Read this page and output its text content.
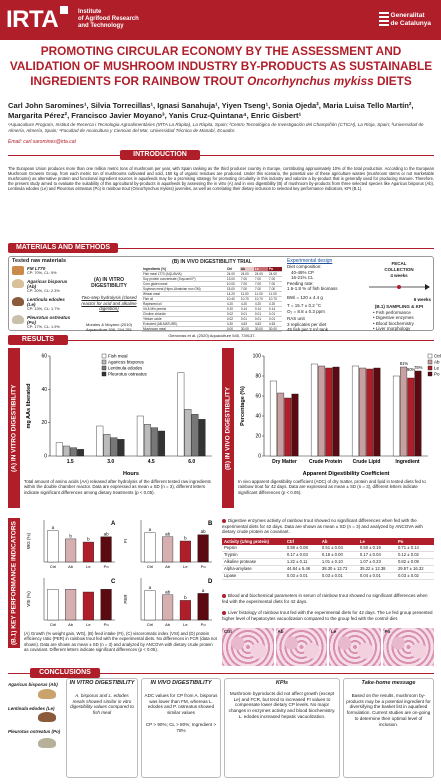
IRTA	Institute
of Agrifood Research
and Technology
Generalitat
de Catalunya
PROMOTING CIRCULAR ECONOMY BY THE ASSESSMENT AND
VALIDATION OF MUSHROOM INDUSTRY BY-PRODUCTS AS SUSTAINABLE
INGREDIENTS FOR RAINBOW TROUT Oncorhynchus mykiss DIETS
Carl John Saromines¹, Silvia Torrecillas¹, Ignasi Sanahuja¹, Yiyen Tseng¹, Sonia Ojeda², Maria Luisa Tello Martín², Margarita Pérez², Francisco Javier Moyano³, Yanis Cruz-Quintana⁴, Enric Gisbert¹
¹Aquaculture Program, Institut de Recerca i Tecnologia Agroalimentàries (IRTA La Ràpita), La Ràpita, Spain; ²Centro Tecnológico de Investigación del Champiñón (CTICH), La Rioja, Spain; ³Universidad de Almería, Almería, Spain; ⁴Facultad de Acuicultura y Ciencias del Mar, Universidad Técnica de Manabí, Ecuador.
Email: carl.saromines@irta.cat
INTRODUCTION
The European Union produces more than one million metric tons of mushroom per year, with Spain ranking as the third producer country in Europe, contributing approximately 10% of the total production. According to the European Mushroom Growers Group, from each metric ton of mushrooms cultivated and sold, 150 kg of organic residues are produced. Under this scenario, the potential use of these agriculture wastes (mushroom stems or not marketable mushrooms) as alternative protein and functional ingredient sources in aquafeeds may be a promising strategy for promoting circularity in this industry and valorize a by-product that is generally used for producing manure. Therefore, the present study aimed to evaluate the suitability of this agricultural by-products in aquafeeds by assessing the in vitro (A) and in vivo digestibility (B) of mushroom by-products from three selected species like Agaricus bisporus (Ab), Lentinula edodes (Le) and Pleurotus ostreatus (Po) in rainbow trout (Oncorhynchus mykiss) juveniles, as well as correlating their dietary inclusion to selected key performance indicators, KPI (B.1).
MATERIALS AND METHODS
Tested raw materials
FM LT70
CP: 70%, CL: 9%
Agaricus bisporus (Ab)
CP: 20%, CL: 2.3%
Lentinula edodes (Le)
CP: 13%, CL: 1.7%
Pleurotus ostreatus (Po)
CP: 17%, CL: 1.9%
(A) IN VITRO DIGESTIBILITY
Two-step hydrolysis (closed reactor for acid and alkaline digestion)
Morales & Moyano (2010) Aquaculture 306, 244-251
(B) IN VIVO DIGESTIBILITY TRIAL
Ingredients (%)	Ctrl	Ab	Le	Po
Fish meal LT70 (AQUAVIA)	24.00	24.00	24.00	24.00
Soy protein concentrate (Soycomil P)	13.00	7.00	7.00	7.00
Corn gluten meal	10.00	7.00	7.00	7.00
Soybean meal (Hipro,Ukrainian non GM)	15.00	7.00	7.00	7.00
Wheat meal	14.20	11.00	11.00	11.00
Fish oil	10.40	10.70	10.70	10.70
Rapeseed oil	4.20	4.20	4.20	4.20
Vit & Min premix	0.20	0.14	0.14	0.14
Choline chloride	0.02	0.01	0.01	0.01
Yttrium oxide	0.02	0.01	0.01	0.01
Extruded (AB-MATURE)	4.20	4.63	4.63	4.63
Mushroom meal	0.00	30.00	30.00	30.00
Glencross et al. (2020) Aquaculture 545, 739137.
Experimental design
Diet composition:
40-48% CP
16-21% CL
Feeding rate:
1.6-1.8 % of fish biomass
BWi = 120 ± 4.4 g
T = 15.7 ± 0.2 °C
O₂ = 8.8 ± 0.3 ppm
RAS unit
3 replicates per diet
45 fish per 2 m³ tank
FECAL
COLLECTION
4 weeks
6 weeks
(B.1) SAMPLING & KPI
• Fish performance
• Digestive enzymes
• Blood biochemistry
• Liver morphology
RESULTS
(A) IN VITRO DIGESTIBILITY	(B) IN VIVO DIGESTIBILITY
0
20
40
60
mg AAs liberated
Hours
1.5	3.0	4.5	6.0
Fish meal
Agaricus bisporus
Lentinula edodes
Pleurotus ostreatus
Total amount of amino acids (AA) released after hydrolysis of the different tested raw ingredients within the double chamber reactor. Data are expressed as mean ± SD (n = 3), different letters indicate significant differences among dietary treatments (p < 0.05).
0
20
40
60
80
100
Percentage (%)
Apparent Digestibility Coefficient
Dry Matter Crude Protein Crude Lipid	Ingredient
Ctrl
Ab
Le
Po
81%
90%
78%
In vivo apparent digestibility coefficient (ADC) of dry matter, protein and lipid in tested diets fed to rainbow trout for 42 days. Data are expressed as mean ± SD (n = 3), different letters indicate significant differences (p < 0.05).
(B.1) KEY PERFORMANCE INDICATORS	WG (%)
A
a
Ctrl
b
Ab
b
Le
ab
Po
FI
B
a
Ctrl
ab
Ab
b
Le
ab
Po
VSI (%)
C
Ctrl	Ab	Le	Po
PER
D
a
Ctrl
ab
Ab
b
Le
a
Po
(A) Growth (% weight gain, WG), (B) feed intake (FI), (C) visceromatic index (VSI) and (D) protein efficiency ratio (PER) in rainbow trout fed with the experimental diets. No differences in FCR (data not shown). Data are shown as mean ± SD (n = 3) and analyzed by ANCOVA with dietary crude protein as covariant. Different letters indicate significant differences (p < 0.05).
Digestive enzymes activity of rainbow trout showed no significant differences when fed with the experimental diets for 42 days. Data are shown as mean ± SD (n = 3) and analyzed by ANCOVA with dietary crude protein as covariant.
Activity (U/mg protein)	Ctrl	Ab	Le	Po
Pepsin	0.59 ± 0.08	0.51 ± 0.04	0.50 ± 0.19	0.71 ± 0.14
Trypsin	0.17 ± 0.03	0.18 ± 0.00	0.17 ± 0.04	0.12 ± 0.02
Alkaline protease	1.22 ± 0.11	1.01 ± 0.10	1.07 ± 0.23	0.82 ± 0.09
Alpha-amylase	44.84 ± 5.46	38.30 ± 13.72	35.22 ± 12.38	29.57 ± 16.32
Lipase	0.03 ± 0.01	0.03 ± 0.01	0.04 ± 0.01	0.03 ± 0.02
Blood and biochemical parameters in serum of rainbow trout showed no significant differences when fed with the experimental diets for 42 days.
Liver histology of rainbow trout fed with the experimental diets for 42 days. The Le fed group presented higher level of hepatocytes vacuolization compared to the group fed with the control diet.
Ctrl	Ab	Le	Po
CONCLUSIONS
Agaricus bisporus (Ab)
Lentinula edodes (Le)
Pleurotus ostreatus (Po)
IN VITRO DIGESTIBILITY
A. bisporus and L. edodes meals showed similar in vitro digestibility values compared to fish meal
IN VIVO DIGESTIBILITY
ADC values for CP from A. bisporus was lower than FM, whereas L. edodes and P. ostreatus showed similar values
CP > 90%; CL > 80%; Ingredient > 78%
KPIs
Mushroom byproducts did not affect growth (except Le) and FCR, but tend to increased FI values to compensate lower dietary CP levels. No major changes in enzymes activity and blood biochemistry. L. edodes increased hepatic vacuolization.
Take-home message
Based on the results, mushroom by-products may be a potential ingredient for diversifying the basket list in aquafeed formulation. Current studies are on-going to determine their optimal level of inclusion.
